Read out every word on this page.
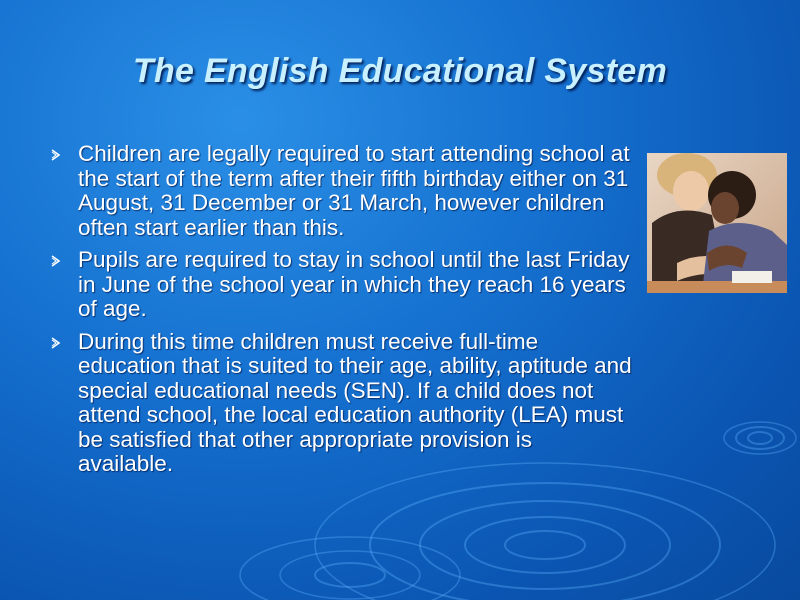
The English Educational System
Children are legally required to start attending school at the start of the term after their fifth birthday either on 31 August, 31 December or 31 March, however children often start earlier than this.
Pupils are required to stay in school until the last Friday in June of the school year in which they reach 16 years of age.
During this time children must receive full-time education that is suited to their age, ability, aptitude and special educational needs (SEN). If a child does not attend school, the local education authority (LEA) must be satisfied that other appropriate provision is available.
